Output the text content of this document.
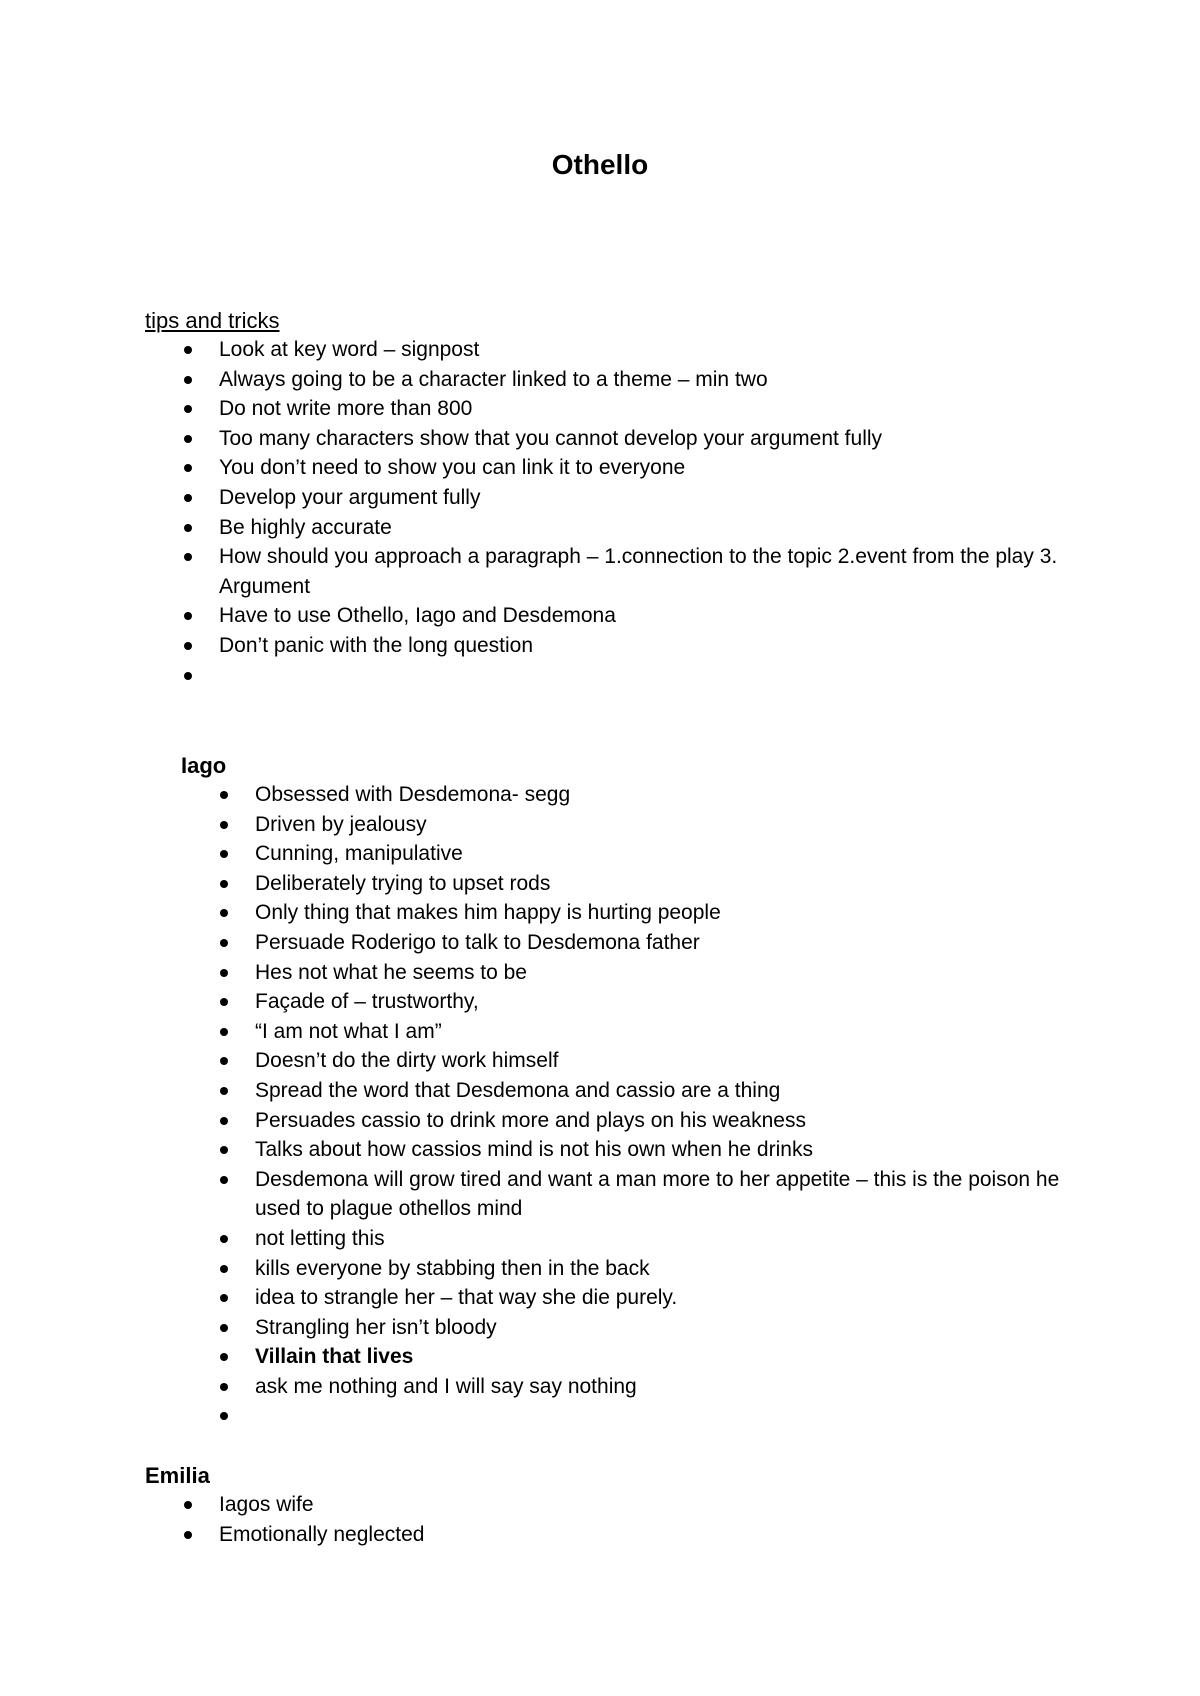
Othello
tips and tricks
Look at key word – signpost
Always going to be a character linked to a theme – min two
Do not write more than 800
Too many characters show that you cannot develop your argument fully
You don’t need to show you can link it to everyone
Develop your argument fully
Be highly accurate
How should you approach a paragraph – 1.connection to the topic 2.event from the play 3. Argument
Have to use Othello, Iago and Desdemona
Don’t panic with the long question
Iago
Obsessed with Desdemona- segg
Driven by jealousy
Cunning, manipulative
Deliberately trying to upset rods
Only thing that makes him happy is hurting people
Persuade Roderigo to talk to Desdemona father
Hes not what he seems to be
Façade of – trustworthy,
“I am not what I am”
Doesn’t do the dirty work himself
Spread the word that Desdemona and cassio are a thing
Persuades cassio to drink more and plays on his weakness
Talks about how cassios mind is not his own when he drinks
Desdemona will grow tired and want a man more to her appetite – this is the poison he used to plague othellos mind
not letting this
kills everyone by stabbing then in the back
idea to strangle her – that way she die purely.
Strangling her isn’t bloody
Villain that lives
ask me nothing and I will say say nothing
Emilia
Iagos wife
Emotionally neglected
